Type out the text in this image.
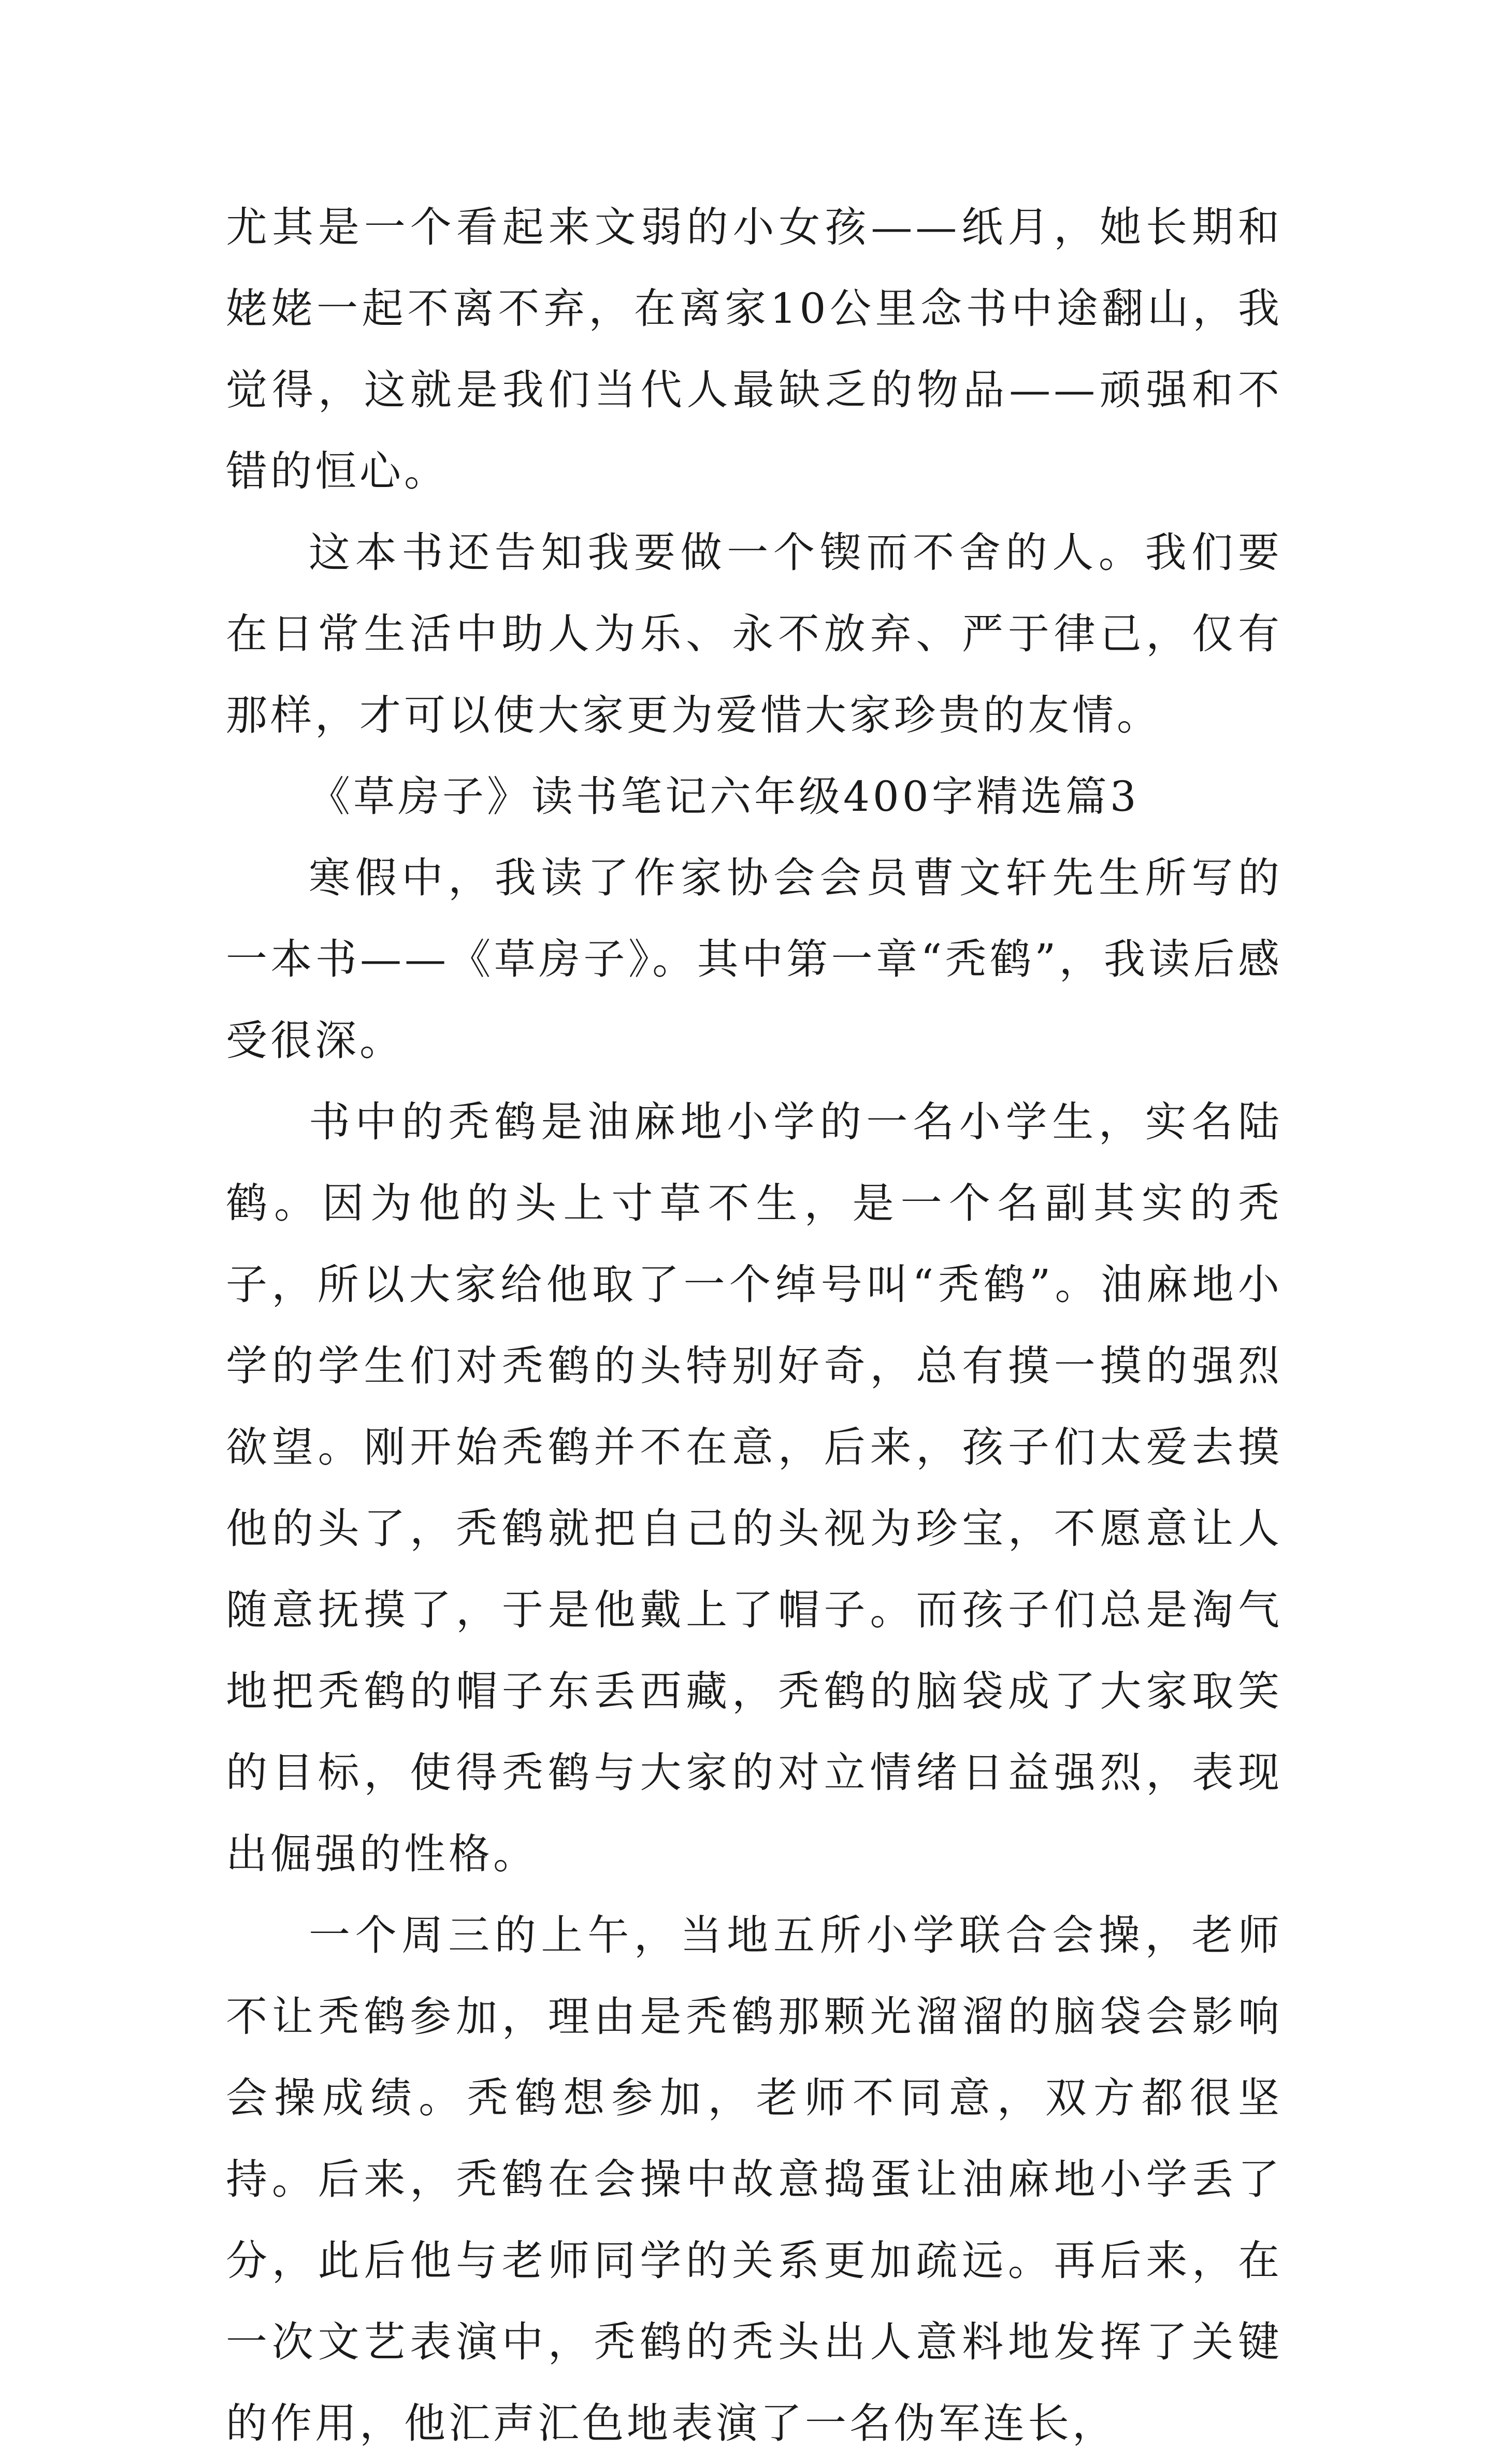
尤其是一个看起来文弱的小女孩——纸月，她长期和姥姥一起不离不弃，在离家10公里念书中途翻山，我觉得，这就是我们当代人最缺乏的物品——顽强和不错的恒心。

这本书还告知我要做一个锲而不舍的人。我们要在日常生活中助人为乐、永不放弃、严于律己，仅有那样，才可以使大家更为爱惜大家珍贵的友情。

《草房子》读书笔记六年级400字精选篇3

寒假中，我读了作家协会会员曹文轩先生所写的一本书——《草房子》。其中第一章“秃鹤”，我读后感受很深。

书中的秃鹤是油麻地小学的一名小学生，实名陆鹤。因为他的头上寸草不生，是一个名副其实的秃子，所以大家给他取了一个绰号叫“秃鹤”。油麻地小学的学生们对秃鹤的头特别好奇，总有摸一摸的强烈欲望。刚开始秃鹤并不在意，后来，孩子们太爱去摸他的头了，秃鹤就把自己的头视为珍宝，不愿意让人随意抚摸了，于是他戴上了帽子。而孩子们总是淘气地把秃鹤的帽子东丢西藏，秃鹤的脑袋成了大家取笑的目标，使得秃鹤与大家的对立情绪日益强烈，表现出倔强的性格。

一个周三的上午，当地五所小学联合会操，老师不让秃鹤参加，理由是秃鹤那颗光溜溜的脑袋会影响会操成绩。秃鹤想参加，老师不同意，双方都很坚持。后来，秃鹤在会操中故意捣蛋让油麻地小学丢了分，此后他与老师同学的关系更加疏远。再后来，在一次文艺表演中，秃鹤的秃头出人意料地发挥了关键的作用，他汇声汇色地表演了一名伪军连长，
